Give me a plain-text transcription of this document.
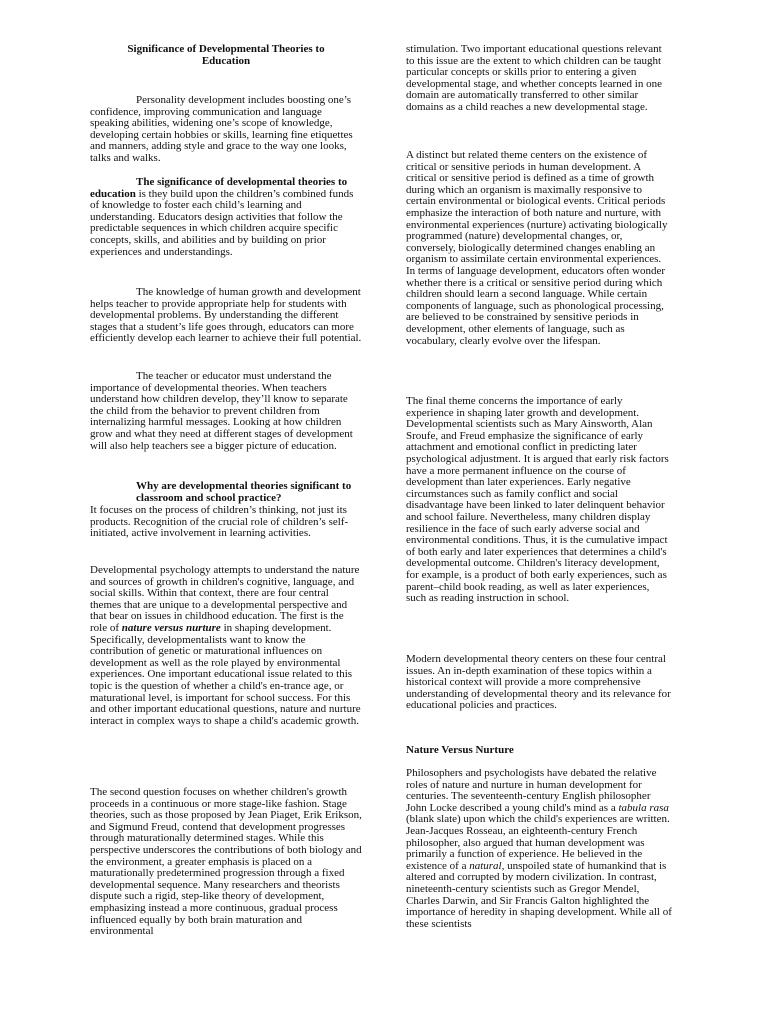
Significance of Developmental Theories to Education

Personality development includes boosting one’s confidence, improving communication and language speaking abilities, widening one’s scope of knowledge, developing certain hobbies or skills, learning fine etiquettes and manners, adding style and grace to the way one looks, talks and walks.

The significance of developmental theories to education is they build upon the children’s combined funds of knowledge to foster each child’s learning and understanding. Educators design activities that follow the predictable sequences in which children acquire specific concepts, skills, and abilities and by building on prior experiences and understandings.

The knowledge of human growth and development helps teacher to provide appropriate help for students with developmental problems. By understanding the different stages that a student’s life goes through, educators can more efficiently develop each learner to achieve their full potential.

The teacher or educator must understand the importance of developmental theories. When teachers understand how children develop, they’ll know to separate the child from the behavior to prevent children from internalizing harmful messages. Looking at how children grow and what they need at different stages of development will also help teachers see a bigger picture of education.

Why are developmental theories significant to classroom and school practice?

It focuses on the process of children’s thinking, not just its products. Recognition of the crucial role of children’s self-initiated, active involvement in learning activities.

Developmental psychology attempts to understand the nature and sources of growth in children's cognitive, language, and social skills. Within that context, there are four central themes that are unique to a developmental perspective and that bear on issues in childhood education. The first is the role of nature versus nurture in shaping development. Specifically, developmentalists want to know the contribution of genetic or maturational influences on development as well as the role played by environmental experiences. One important educational issue related to this topic is the question of whether a child's en-trance age, or maturational level, is important for school success. For this and other important educational questions, nature and nurture interact in complex ways to shape a child's academic growth.

The second question focuses on whether children's growth proceeds in a continuous or more stage-like fashion. Stage theories, such as those proposed by Jean Piaget, Erik Erikson, and Sigmund Freud, contend that development progresses through maturationally determined stages. While this perspective underscores the contributions of both biology and the environment, a greater emphasis is placed on a maturationally predetermined progression through a fixed developmental sequence. Many researchers and theorists dispute such a rigid, step-like theory of development, emphasizing instead a more continuous, gradual process influenced equally by both brain maturation and environmental

stimulation. Two important educational questions relevant to this issue are the extent to which children can be taught particular concepts or skills prior to entering a given developmental stage, and whether concepts learned in one domain are automatically transferred to other similar domains as a child reaches a new developmental stage.

A distinct but related theme centers on the existence of critical or sensitive periods in human development. A critical or sensitive period is defined as a time of growth during which an organism is maximally responsive to certain environmental or biological events. Critical periods emphasize the interaction of both nature and nurture, with environmental experiences (nurture) activating biologically programmed (nature) developmental changes, or, conversely, biologically determined changes enabling an organism to assimilate certain environmental experiences. In terms of language development, educators often wonder whether there is a critical or sensitive period during which children should learn a second language. While certain components of language, such as phonological processing, are believed to be constrained by sensitive periods in development, other elements of language, such as vocabulary, clearly evolve over the lifespan.

The final theme concerns the importance of early experience in shaping later growth and development. Developmental scientists such as Mary Ainsworth, Alan Sroufe, and Freud emphasize the significance of early attachment and emotional conflict in predicting later psychological adjustment. It is argued that early risk factors have a more permanent influence on the course of development than later experiences. Early negative circumstances such as family conflict and social disadvantage have been linked to later delinquent behavior and school failure. Nevertheless, many children display resilience in the face of such early adverse social and environmental conditions. Thus, it is the cumulative impact of both early and later experiences that determines a child's developmental outcome. Children's literacy development, for example, is a product of both early experiences, such as parent–child book reading, as well as later experiences, such as reading instruction in school.

Modern developmental theory centers on these four central issues. An in-depth examination of these topics within a historical context will provide a more comprehensive understanding of developmental theory and its relevance for educational policies and practices.

Nature Versus Nurture

Philosophers and psychologists have debated the relative roles of nature and nurture in human development for centuries. The seventeenth-century English philosopher John Locke described a young child's mind as a tabula rasa (blank slate) upon which the child's experiences are written. Jean-Jacques Rosseau, an eighteenth-century French philosopher, also argued that human development was primarily a function of experience. He believed in the existence of a natural, unspoiled state of humankind that is altered and corrupted by modern civilization. In contrast, nineteenth-century scientists such as Gregor Mendel, Charles Darwin, and Sir Francis Galton highlighted the importance of heredity in shaping development. While all of these scientists
